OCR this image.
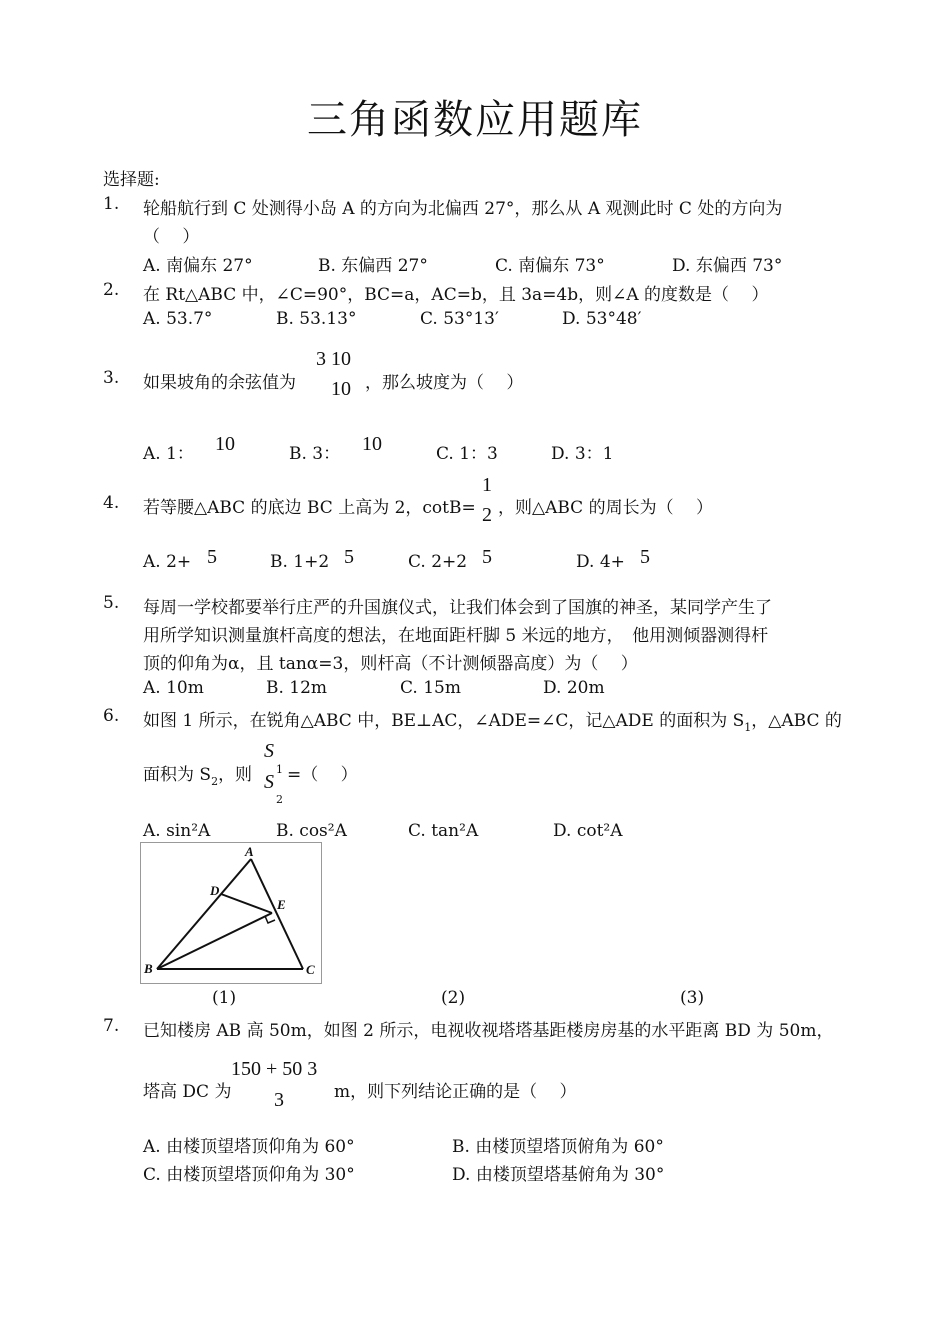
三角函数应用题库
选择题:
1. 轮船航行到 C 处测得小岛 A 的方向为北偏西 27°，那么从 A 观测此时 C 处的方向为
（　 ）
A. 南偏东 27°	B. 东偏西 27°	C. 南偏东 73°	D. 东偏西 73°
2. 在 Rt△ABC 中，∠C=90°，BC=a，AC=b，且 3a=4b，则∠A 的度数是（　 ）
A. 53.7°	B. 53.13°	C. 53°13′	D. 53°48′
3. 如果坡角的余弦值为
3 10
10 ，那么坡度为（　 ）
A. 1： 10	B. 3： 10	C. 1：3	D. 3：1
4. 若等腰△ABC 的底边 BC 上高为 2，cotB=
1
2 ，则△ABC 的周长为（　 ）
A. 2+ 5	B. 1+2 5	C. 2+2 5	D. 4+ 5
5. 每周一学校都要举行庄严的升国旗仪式，让我们体会到了国旗的神圣，某同学产生了
用所学知识测量旗杆高度的想法，在地面距杆脚 5 米远的地方，　他用测倾器测得杆
顶的仰角为α，且 tanα=3，则杆高（不计测倾器高度）为（　 ）
A. 10m	B. 12m	C. 15m	D. 20m
6. 如图 1 所示，在锐角△ABC 中，BE⊥AC，∠ADE=∠C，记△ADE 的面积为 $S_1$，△ABC 的
面积为 $S_2$，则
S
1
S
2
=（　 ）
A. sin²A	B. cos²A	C. tan²A	D. cot²A
A
B	C
D
E
(1)	(2)	(3)
7. 已知楼房 AB 高 50m，如图 2 所示，电视收视塔塔基距楼房房基的水平距离 BD 为 50m，
塔高 DC 为
150 + 50 3
3	m，则下列结论正确的是（　 ）
A. 由楼顶望塔顶仰角为 60°	B. 由楼顶望塔顶俯角为 60°
C. 由楼顶望塔顶仰角为 30°	D. 由楼顶望塔基俯角为 30°
